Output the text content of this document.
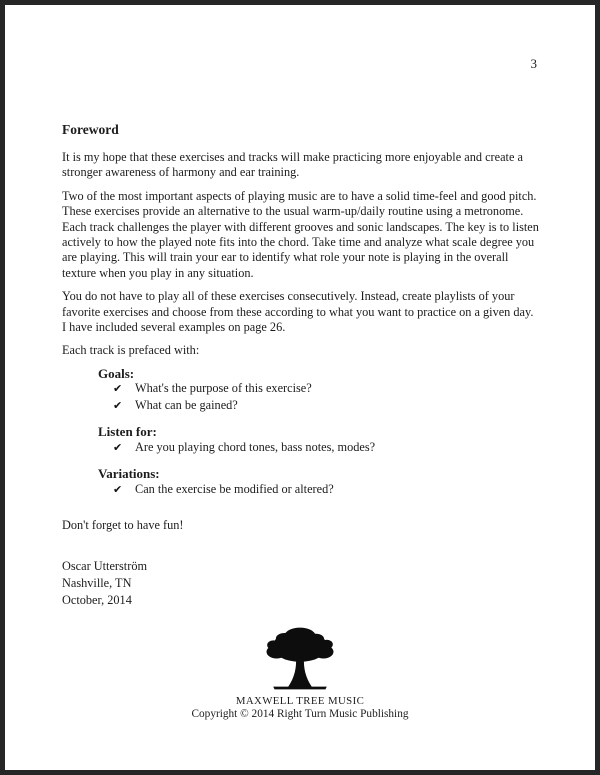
3
Foreword

It is my hope that these exercises and tracks will make practicing more enjoyable and create a stronger awareness of harmony and ear training.

Two of the most important aspects of playing music are to have a solid time-feel and good pitch. These exercises provide an alternative to the usual warm-up/daily routine using a metronome. Each track challenges the player with different grooves and sonic landscapes. The key is to listen actively to how the played note fits into the chord. Take time and analyze what scale degree you are playing. This will train your ear to identify what role your note is playing in the overall texture when you play in any situation.

You do not have to play all of these exercises consecutively. Instead, create playlists of your favorite exercises and choose from these according to what you want to practice on a given day. I have included several examples on page 26.

Each track is prefaced with:

Goals:
✔	What's the purpose of this exercise?
✔	What can be gained?
Listen for:
✔	Are you playing chord tones, bass notes, modes?
Variations:
✔	Can the exercise be modified or altered?

Don't forget to have fun!

Oscar Utterström
Nashville, TN
October, 2014
MAXWELL TREE MUSIC
Copyright © 2014 Right Turn Music Publishing
